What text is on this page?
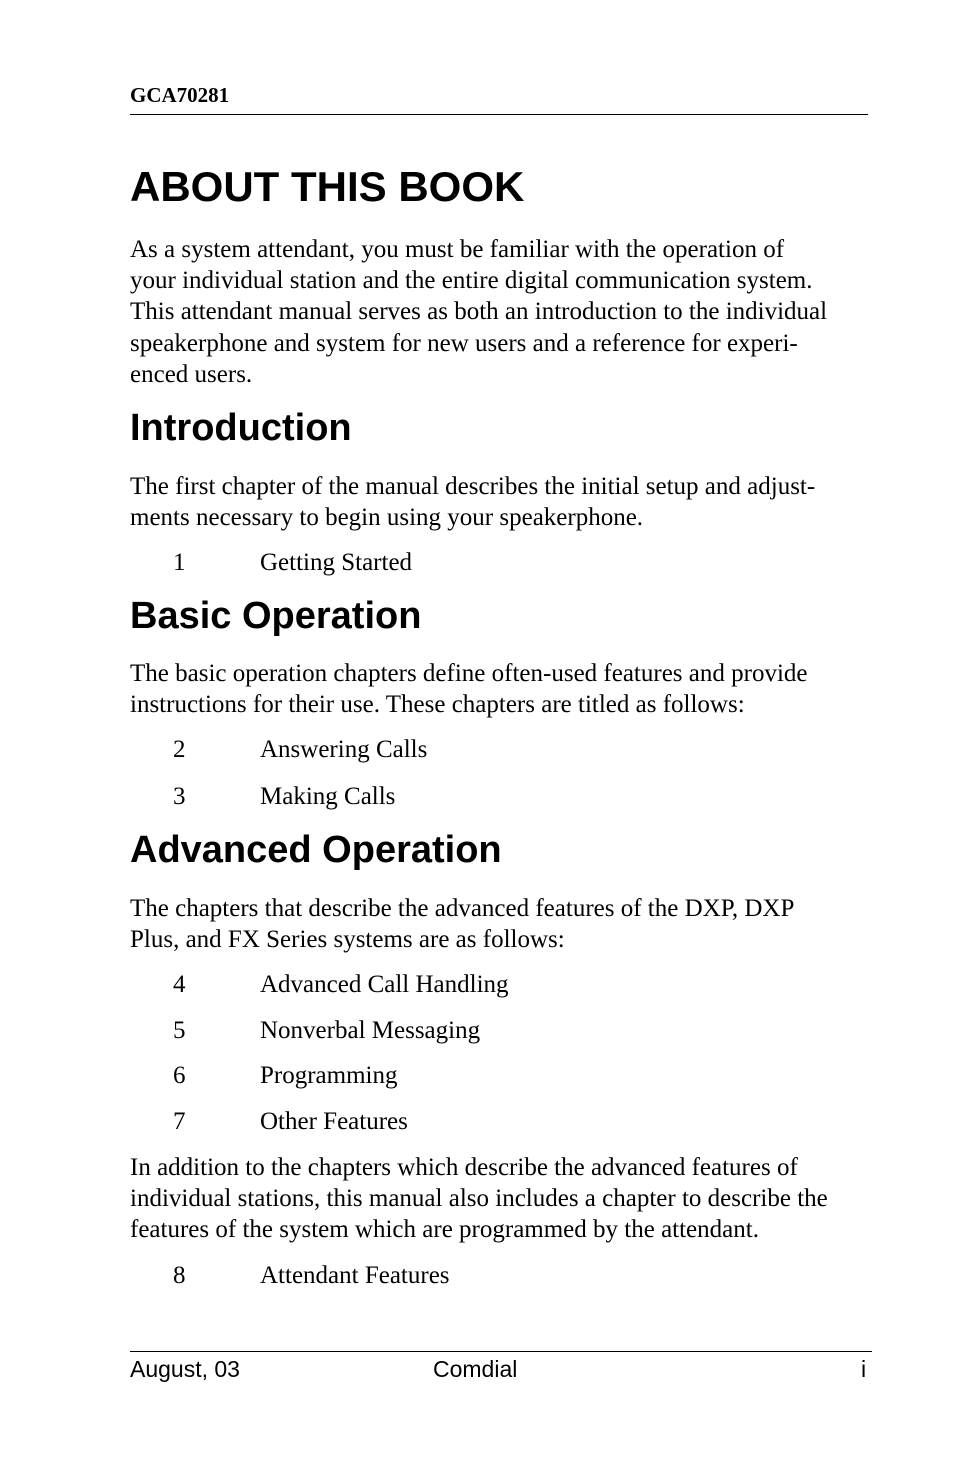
GCA70281
ABOUT THIS BOOK

As a system attendant, you must be familiar with the operation of
your individual station and the entire digital communication system.
This attendant manual serves as both an introduction to the individual
speakerphone and system for new users and a reference for experi-
enced users.

Introduction

The first chapter of the manual describes the initial setup and adjust-
ments necessary to begin using your speakerphone.

1	Getting Started
Basic Operation

The basic operation chapters define often-used features and provide
instructions for their use. These chapters are titled as follows:

2	Answering Calls
3	Making Calls
Advanced Operation

The chapters that describe the advanced features of the DXP, DXP
Plus, and FX Series systems are as follows:

4	Advanced Call Handling
5	Nonverbal Messaging
6	Programming
7	Other Features

In addition to the chapters which describe the advanced features of
individual stations, this manual also includes a chapter to describe the
features of the system which are programmed by the attendant.

8	Attendant Features
August, 03	Comdial	i
